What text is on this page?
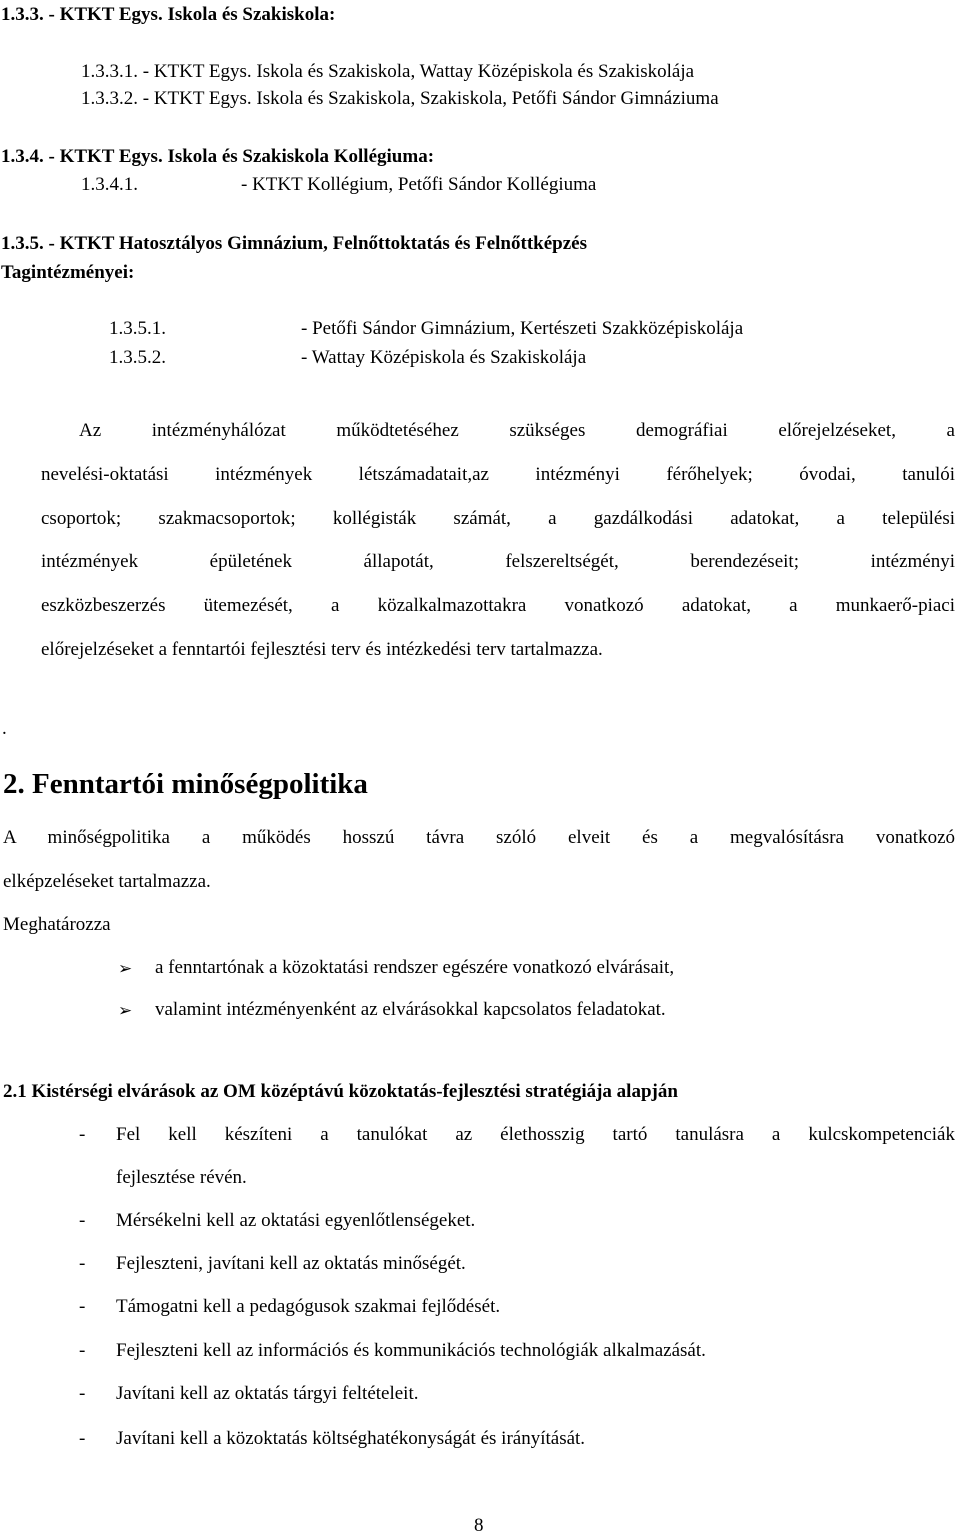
1.3.3. - KTKT Egys. Iskola és Szakiskola:
1.3.3.1. - KTKT Egys. Iskola és Szakiskola, Wattay Középiskola és Szakiskolája
1.3.3.2. - KTKT Egys. Iskola és Szakiskola, Szakiskola, Petőfi Sándor Gimnáziuma
1.3.4. - KTKT Egys. Iskola és Szakiskola Kollégiuma:
1.3.4.1.	- KTKT Kollégium, Petőfi Sándor Kollégiuma
1.3.5. - KTKT Hatosztályos Gimnázium, Felnőttoktatás és Felnőttképzés
Tagintézményei:
1.3.5.1.	- Petőfi Sándor Gimnázium, Kertészeti Szakközépiskolája
1.3.5.2.	- Wattay Középiskola és Szakiskolája
Az intézményhálózat működtetéséhez szükséges demográfiai előrejelzéseket, a
nevelési-oktatási intézmények létszámadatait,az intézményi férőhelyek; óvodai, tanulói
csoportok; szakmacsoportok; kollégisták számát, a gazdálkodási adatokat, a települési
intézmények épületének állapotát, felszereltségét, berendezéseit; intézményi
eszközbeszerzés ütemezését, a közalkalmazottakra vonatkozó adatokat, a munkaerő-piaci
előrejelzéseket a fenntartói fejlesztési terv és intézkedési terv tartalmazza.
.
2. Fenntartói minőségpolitika
A minőségpolitika a működés hosszú távra szóló elveit és a megvalósításra vonatkozó
elképzeléseket tartalmazza.
Meghatározza
➢ a fenntartónak a közoktatási rendszer egészére vonatkozó elvárásait,
➢ valamint intézményenként az elvárásokkal kapcsolatos feladatokat.
2.1 Kistérségi elvárások az OM középtávú közoktatás-fejlesztési stratégiája alapján
- Fel kell készíteni a tanulókat az élethosszig tartó tanulásra a kulcskompetenciák
fejlesztése révén.
- Mérsékelni kell az oktatási egyenlőtlenségeket.
- Fejleszteni, javítani kell az oktatás minőségét.
- Támogatni kell a pedagógusok szakmai fejlődését.
- Fejleszteni kell az információs és kommunikációs technológiák alkalmazását.
- Javítani kell az oktatás tárgyi feltételeit.
- Javítani kell a közoktatás költséghatékonyságát és irányítását.
8
